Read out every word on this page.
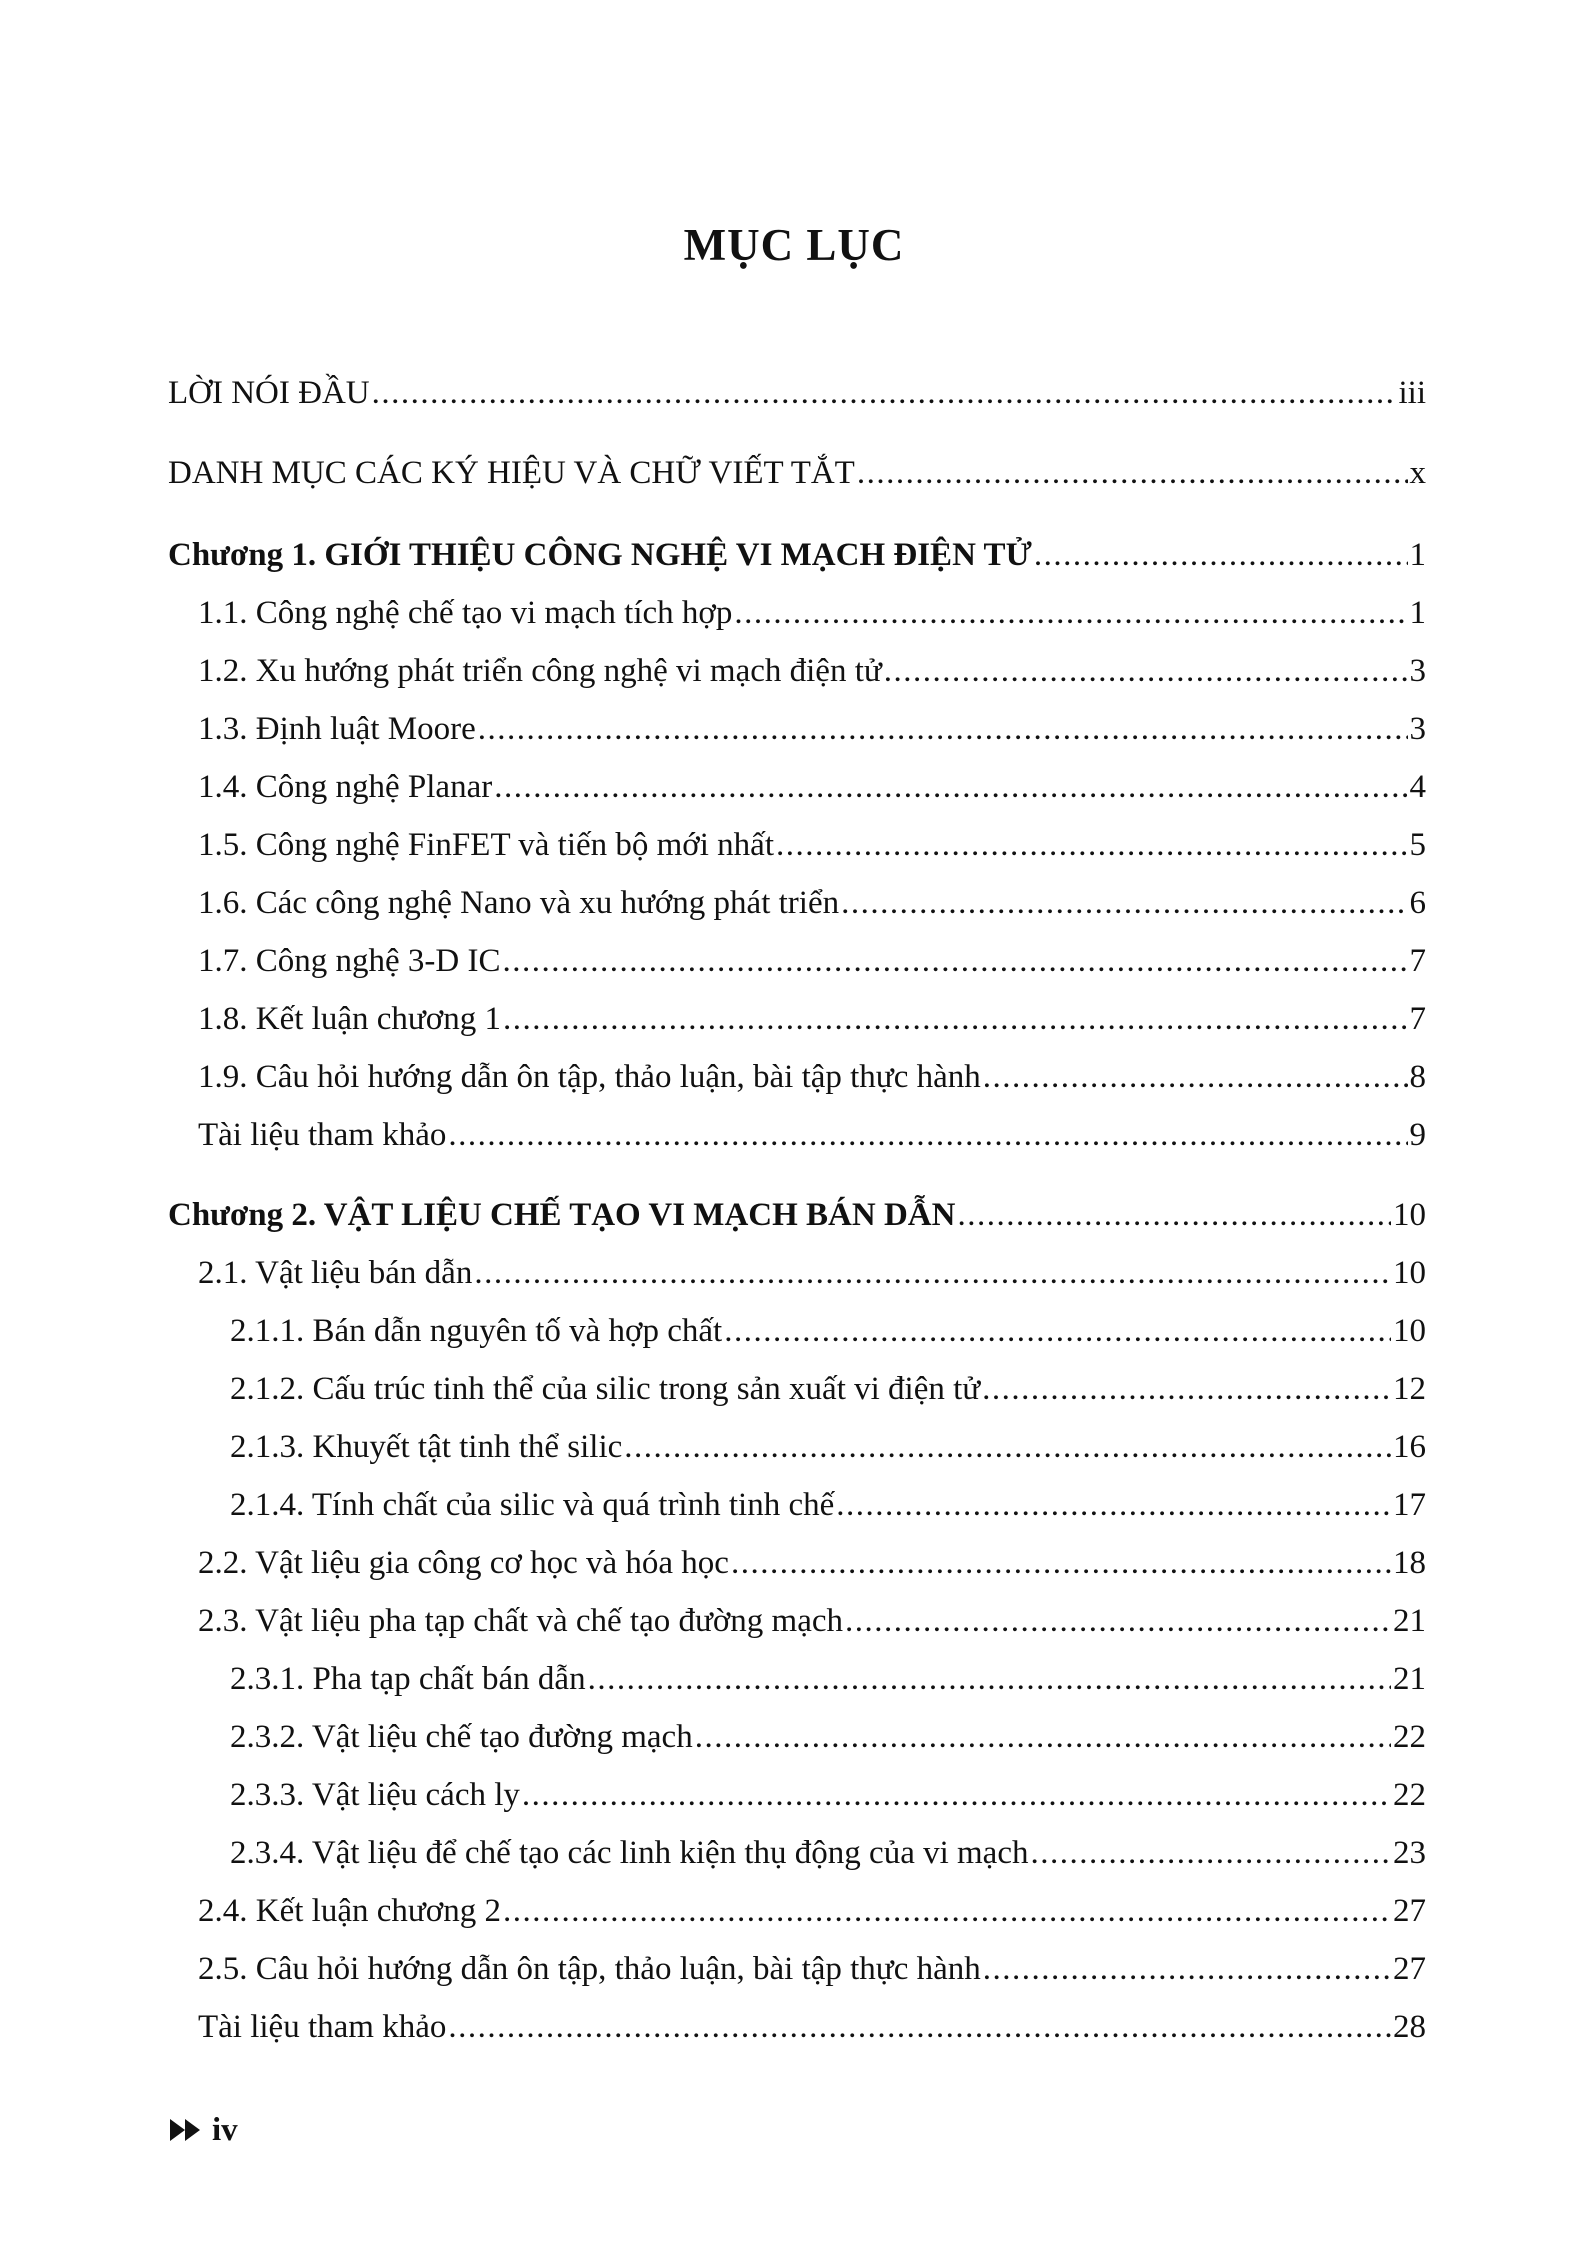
MỤC LỤC
LỜI NÓI ĐẦU .....	iii
DANH MỤC CÁC KÝ HIỆU VÀ CHỮ VIẾT TẮT .....	x
Chương 1. GIỚI THIỆU CÔNG NGHỆ VI MẠCH ĐIỆN TỬ .....	1
1.1. Công nghệ chế tạo vi mạch tích hợp .....	1
1.2. Xu hướng phát triển công nghệ vi mạch điện tử .....	3
1.3. Định luật Moore .....	3
1.4. Công nghệ Planar .....	4
1.5. Công nghệ FinFET và tiến bộ mới nhất .....	5
1.6. Các công nghệ Nano và xu hướng phát triển .....	6
1.7. Công nghệ 3-D IC .....	7
1.8. Kết luận chương 1 .....	7
1.9. Câu hỏi hướng dẫn ôn tập, thảo luận, bài tập thực hành .....	8
Tài liệu tham khảo .....	9
Chương 2. VẬT LIỆU CHẾ TẠO VI MẠCH BÁN DẪN .....	10
2.1. Vật liệu bán dẫn .....	10
2.1.1. Bán dẫn nguyên tố và hợp chất .....	10
2.1.2. Cấu trúc tinh thể của silic trong sản xuất vi điện tử .....	12
2.1.3. Khuyết tật tinh thể silic .....	16
2.1.4. Tính chất của silic và quá trình tinh chế .....	17
2.2. Vật liệu gia công cơ học và hóa học .....	18
2.3. Vật liệu pha tạp chất và chế tạo đường mạch .....	21
2.3.1. Pha tạp chất bán dẫn .....	21
2.3.2. Vật liệu chế tạo đường mạch .....	22
2.3.3. Vật liệu cách ly .....	22
2.3.4. Vật liệu để chế tạo các linh kiện thụ động của vi mạch .....	23
2.4. Kết luận chương 2 .....	27
2.5. Câu hỏi hướng dẫn ôn tập, thảo luận, bài tập thực hành .....	27
Tài liệu tham khảo .....	28
iv
